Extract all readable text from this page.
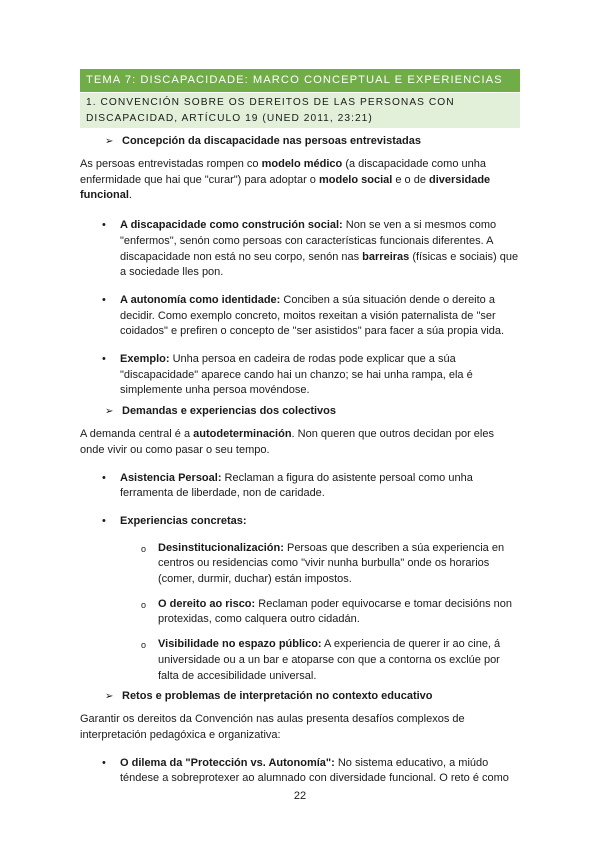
TEMA 7: DISCAPACIDADE: MARCO CONCEPTUAL E EXPERIENCIAS
1. CONVENCIÓN SOBRE OS DEREITOS DE LAS PERSONAS CON DISCAPACIDAD, ARTÍCULO 19 (UNED 2011, 23:21)
➢ Concepción da discapacidade nas persoas entrevistadas
As persoas entrevistadas rompen co modelo médico (a discapacidade como unha enfermidade que hai que "curar") para adoptar o modelo social e o de diversidade funcional.
• A discapacidade como construción social: Non se ven a si mesmos como "enfermos", senón como persoas con características funcionais diferentes. A discapacidade non está no seu corpo, senón nas barreiras (físicas e sociais) que a sociedade lles pon.
• A autonomía como identidade: Conciben a súa situación dende o dereito a decidir. Como exemplo concreto, moitos rexeitan a visión paternalista de "ser coidados" e prefiren o concepto de "ser asistidos" para facer a súa propia vida.
• Exemplo: Unha persoa en cadeira de rodas pode explicar que a súa "discapacidade" aparece cando hai un chanzo; se hai unha rampa, ela é simplemente unha persoa movéndose.
➢ Demandas e experiencias dos colectivos
A demanda central é a autodeterminación. Non queren que outros decidan por eles onde vivir ou como pasar o seu tempo.
• Asistencia Persoal: Reclaman a figura do asistente persoal como unha ferramenta de liberdade, non de caridade.
• Experiencias concretas:
o Desinstitucionalización: Persoas que describen a súa experiencia en centros ou residencias como "vivir nunha burbulla" onde os horarios (comer, durmir, duchar) están impostos.
o O dereito ao risco: Reclaman poder equivocarse e tomar decisións non protexidas, como calquera outro cidadán.
o Visibilidade no espazo público: A experiencia de querer ir ao cine, á universidade ou a un bar e atoparse con que a contorna os exclúe por falta de accesibilidade universal.
➢ Retos e problemas de interpretación no contexto educativo
Garantir os dereitos da Convención nas aulas presenta desafíos complexos de interpretación pedagóxica e organizativa:
• O dilema da "Protección vs. Autonomía": No sistema educativo, a miúdo téndese a sobreprotexer ao alumnado con diversidade funcional. O reto é como
22
